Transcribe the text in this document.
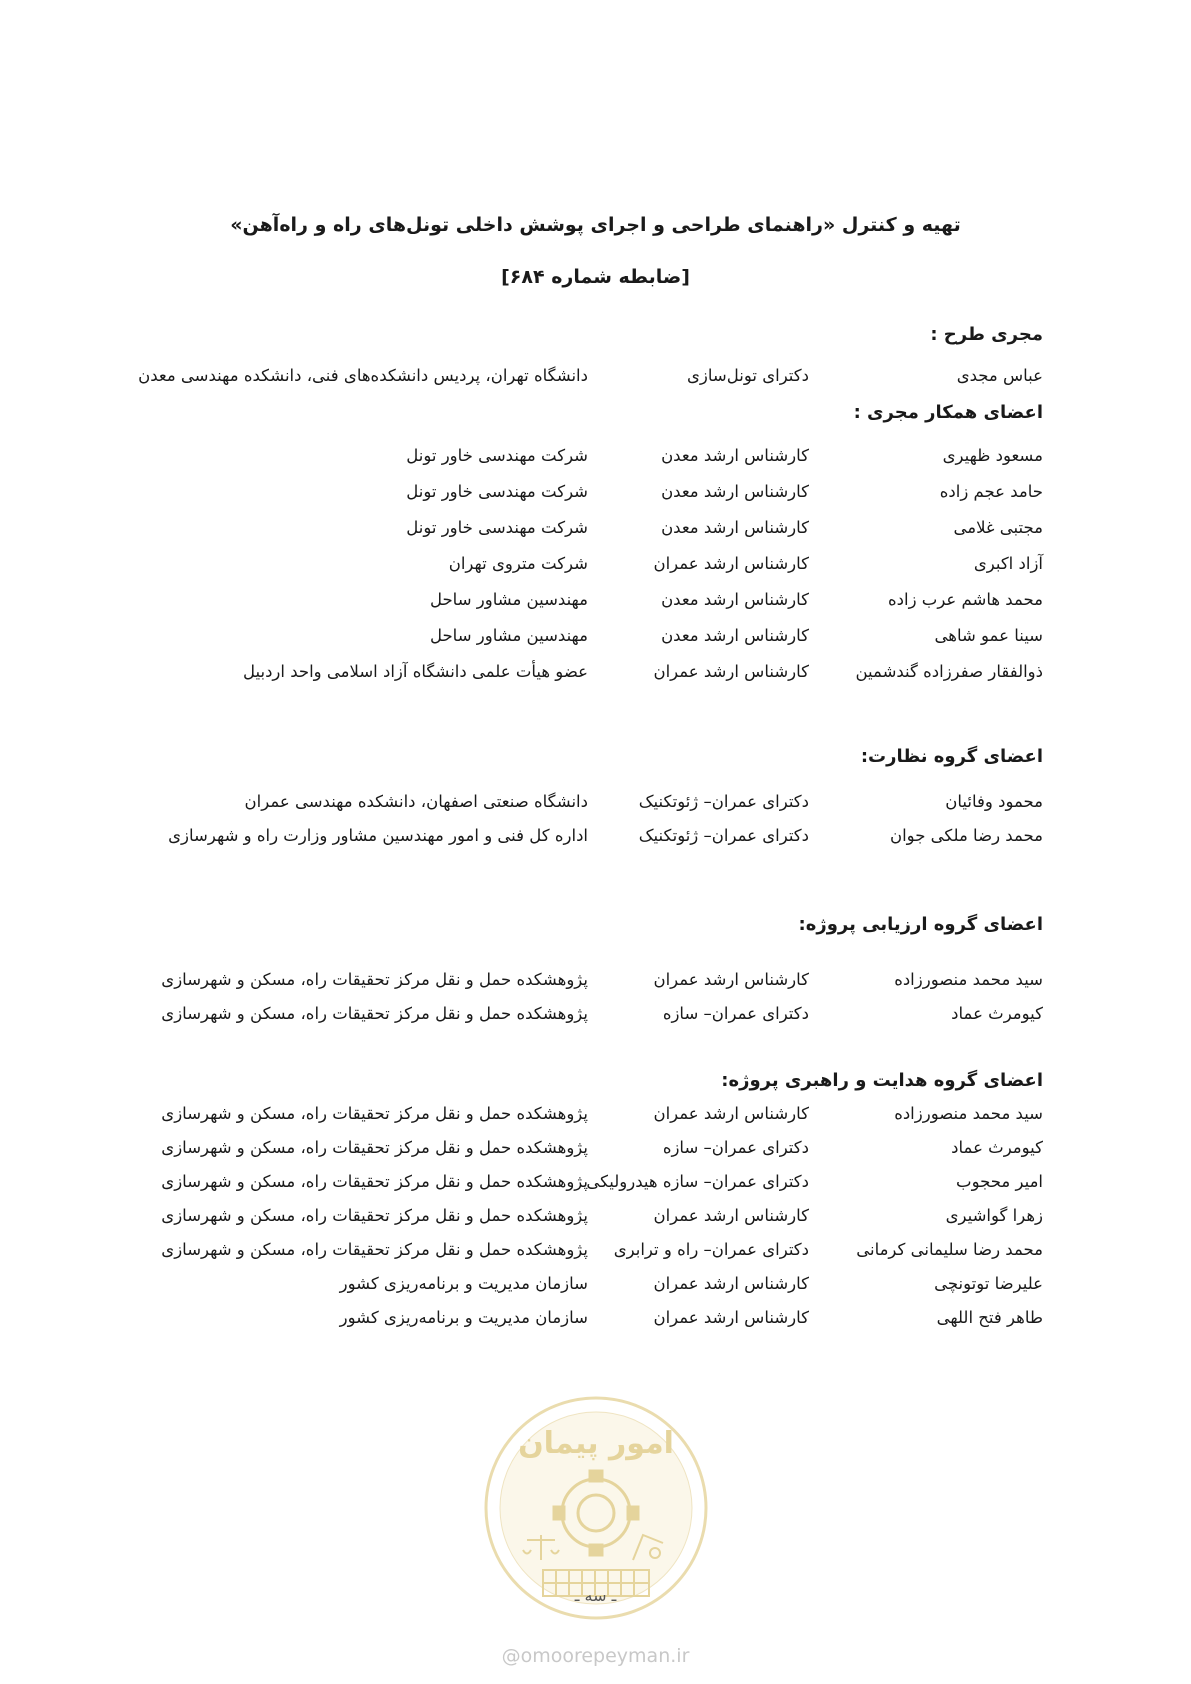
تهیه و کنترل «راهنمای طراحی و اجرای پوشش داخلی تونل‌های راه و راه‌آهن»
[ضابطه شماره ۶۸۴]
مجری طرح :
عباس مجدی
دکترای تونل‌سازی
دانشگاه تهران، پردیس دانشکده‌های فنی، دانشکده مهندسی معدن
اعضای همکار مجری :
مسعود ظهیری
کارشناس ارشد معدن
شرکت مهندسی خاور تونل
حامد عجم زاده
کارشناس ارشد معدن
شرکت مهندسی خاور تونل
مجتبی غلامی
کارشناس ارشد معدن
شرکت مهندسی خاور تونل
آزاد اکبری
کارشناس ارشد عمران
شرکت متروی تهران
محمد هاشم عرب زاده
کارشناس ارشد معدن
مهندسین مشاور ساحل
سینا عمو شاهی
کارشناس ارشد معدن
مهندسین مشاور ساحل
ذوالفقار صفرزاده گندشمین
کارشناس ارشد عمران
عضو هیأت علمی دانشگاه آزاد اسلامی واحد اردبیل
اعضای گروه نظارت:
محمود وفائیان
دکترای عمران– ژئوتکنیک
دانشگاه صنعتی اصفهان، دانشکده مهندسی عمران
محمد رضا ملکی جوان
دکترای عمران– ژئوتکنیک
اداره کل فنی و امور مهندسین مشاور وزارت راه و شهرسازی
اعضای گروه ارزیابی پروژه:
سید محمد منصورزاده
کارشناس ارشد عمران
پژوهشکده حمل و نقل مرکز تحقیقات راه، مسکن و شهرسازی
کیومرث عماد
دکترای عمران– سازه
پژوهشکده حمل و نقل مرکز تحقیقات راه، مسکن و شهرسازی
اعضای گروه هدایت و راهبری پروژه:
سید محمد منصورزاده
کارشناس ارشد عمران
پژوهشکده حمل و نقل مرکز تحقیقات راه، مسکن و شهرسازی
کیومرث عماد
دکترای عمران– سازه
پژوهشکده حمل و نقل مرکز تحقیقات راه، مسکن و شهرسازی
امیر محجوب
دکترای عمران– سازه هیدرولیکی
پژوهشکده حمل و نقل مرکز تحقیقات راه، مسکن و شهرسازی
زهرا گواشیری
کارشناس ارشد عمران
پژوهشکده حمل و نقل مرکز تحقیقات راه، مسکن و شهرسازی
محمد رضا سلیمانی کرمانی
دکترای عمران– راه و ترابری
پژوهشکده حمل و نقل مرکز تحقیقات راه، مسکن و شهرسازی
علیرضا توتونچی
کارشناس ارشد عمران
سازمان مدیریت و برنامه‌ریزی کشور
طاهر فتح اللهی
کارشناس ارشد عمران
سازمان مدیریت و برنامه‌ریزی کشور
امور پیمان
ـ سه ـ
@omoorepeyman.ir
